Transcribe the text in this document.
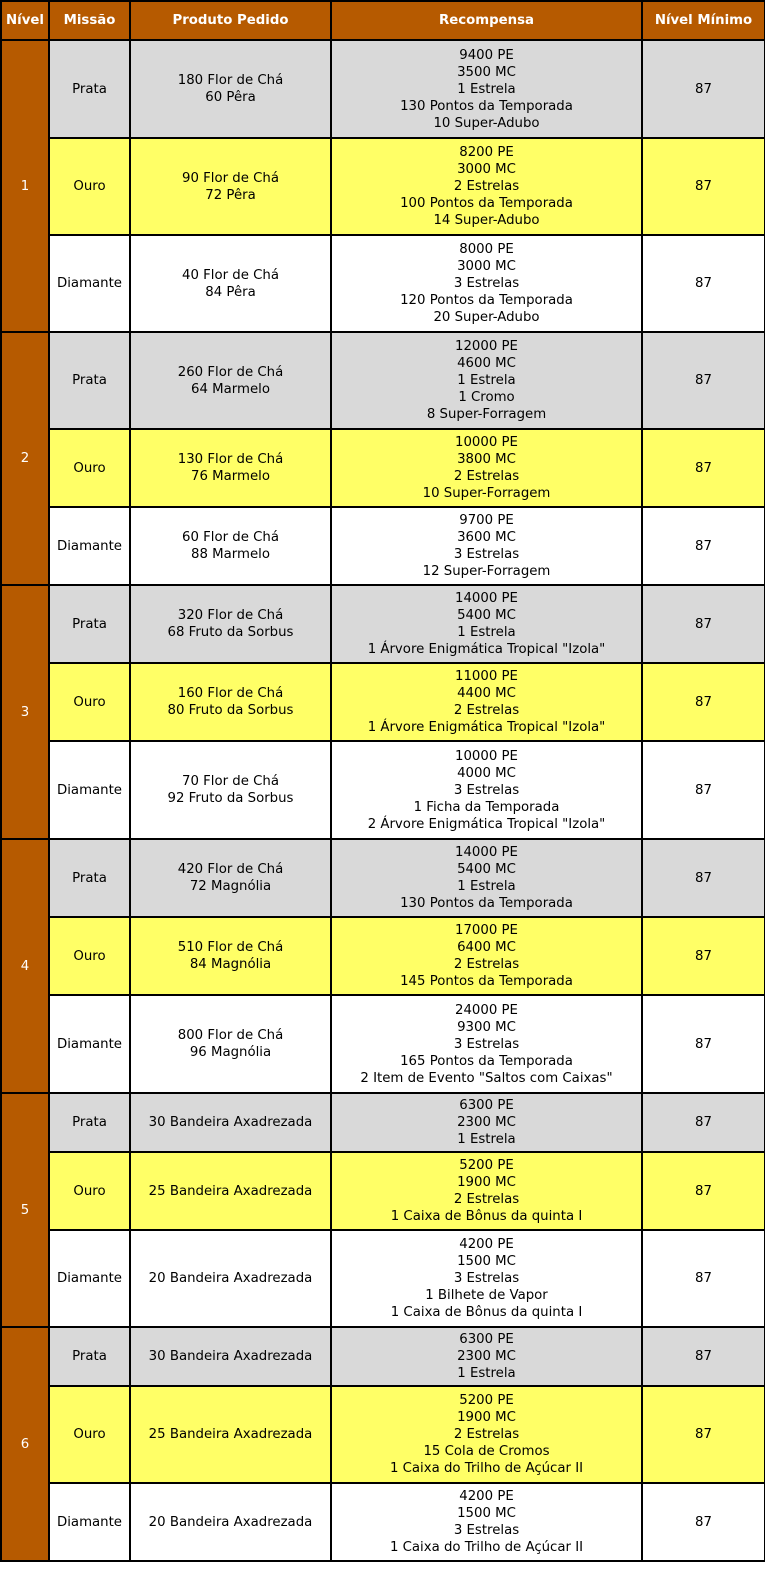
Nível	Missão	Produto Pedido	Recompensa	Nível Mínimo
1	Prata	180 Flor de Chá
60 Pêra	9400 PE
3500 MC
1 Estrela
130 Pontos da Temporada
10 Super-Adubo	87
	Ouro	90 Flor de Chá
72 Pêra	8200 PE
3000 MC
2 Estrelas
100 Pontos da Temporada
14 Super-Adubo	87
	Diamante	40 Flor de Chá
84 Pêra	8000 PE
3000 MC
3 Estrelas
120 Pontos da Temporada
20 Super-Adubo	87
2	Prata	260 Flor de Chá
64 Marmelo	12000 PE
4600 MC
1 Estrela
1 Cromo
8 Super-Forragem	87
	Ouro	130 Flor de Chá
76 Marmelo	10000 PE
3800 MC
2 Estrelas
10 Super-Forragem	87
	Diamante	60 Flor de Chá
88 Marmelo	9700 PE
3600 MC
3 Estrelas
12 Super-Forragem	87
3	Prata	320 Flor de Chá
68 Fruto da Sorbus	14000 PE
5400 MC
1 Estrela
1 Árvore Enigmática Tropical "Izola"	87
	Ouro	160 Flor de Chá
80 Fruto da Sorbus	11000 PE
4400 MC
2 Estrelas
1 Árvore Enigmática Tropical "Izola"	87
	Diamante	70 Flor de Chá
92 Fruto da Sorbus	10000 PE
4000 MC
3 Estrelas
1 Ficha da Temporada
2 Árvore Enigmática Tropical "Izola"	87
4	Prata	420 Flor de Chá
72 Magnólia	14000 PE
5400 MC
1 Estrela
130 Pontos da Temporada	87
	Ouro	510 Flor de Chá
84 Magnólia	17000 PE
6400 MC
2 Estrelas
145 Pontos da Temporada	87
	Diamante	800 Flor de Chá
96 Magnólia	24000 PE
9300 MC
3 Estrelas
165 Pontos da Temporada
2 Item de Evento "Saltos com Caixas"	87
5	Prata	30 Bandeira Axadrezada	6300 PE
2300 MC
1 Estrela	87
	Ouro	25 Bandeira Axadrezada	5200 PE
1900 MC
2 Estrelas
1 Caixa de Bônus da quinta I	87
	Diamante	20 Bandeira Axadrezada	4200 PE
1500 MC
3 Estrelas
1 Bilhete de Vapor
1 Caixa de Bônus da quinta I	87
6	Prata	30 Bandeira Axadrezada	6300 PE
2300 MC
1 Estrela	87
	Ouro	25 Bandeira Axadrezada	5200 PE
1900 MC
2 Estrelas
15 Cola de Cromos
1 Caixa do Trilho de Açúcar II	87
	Diamante	20 Bandeira Axadrezada	4200 PE
1500 MC
3 Estrelas
1 Caixa do Trilho de Açúcar II	87
